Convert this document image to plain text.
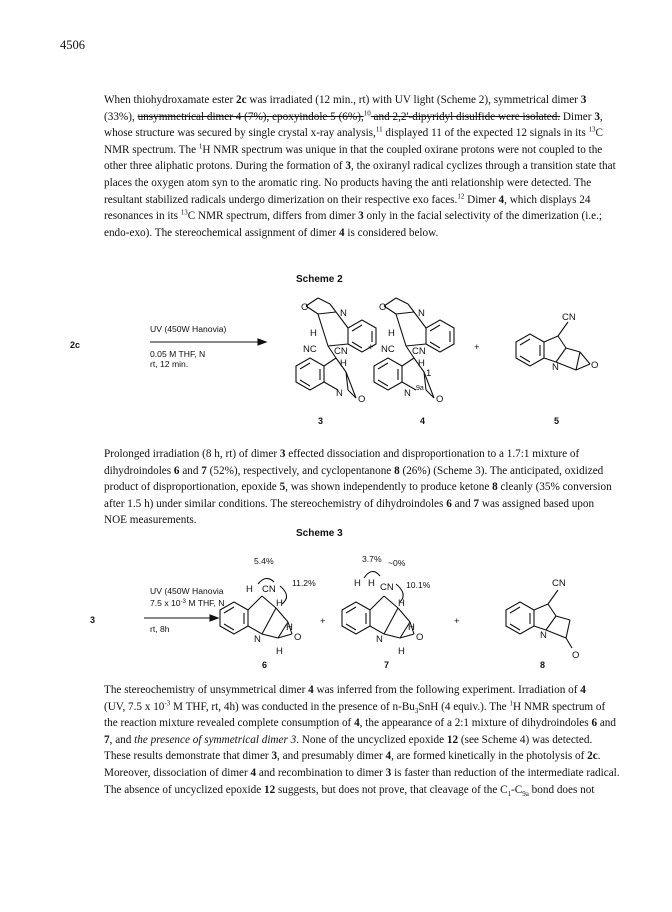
4506
When thiohydroxamate ester 2c was irradiated (12 min., rt) with UV light (Scheme 2), symmetrical dimer 3
(33%), unsymmetrical dimer 4 (7%), epoxyindole 5 (6%),$^{10}$ and 2,2'-dipyridyl disulfide were isolated. Dimer 3,
whose structure was secured by single crystal x-ray analysis,$^{11}$ displayed 11 of the expected 12 signals in its $^{13}$C
NMR spectrum. The $^1$H NMR spectrum was unique in that the coupled oxirane protons were not coupled to the
other three aliphatic protons. During the formation of 3, the oxiranyl radical cyclizes through a transition state that
places the oxygen atom syn to the aromatic ring. No products having the anti relationship were detected. The
resultant stabilized radicals undergo dimerization on their respective exo faces.$^{12}$ Dimer 4, which displays 24
resonances in its $^{13}$C NMR spectrum, differs from dimer 3 only in the facial selectivity of the dimerization (i.e.;
endo-exo). The stereochemical assignment of dimer 4 is considered below.
Scheme 2
2c
UV (450W Hanovia)
0.05 M THF, N
rt, 12 min.
O
N
H
NC CN
H
N
O
O
N
H
NC CN
H
1
N 9a
O
CN
N	O
+	+
3	4	5
Prolonged irradiation (8 h, rt) of dimer 3 effected dissociation and disproportionation to a 1.7:1 mixture of
dihydroindoles 6 and 7 (52%), respectively, and cyclopentanone 8 (26%) (Scheme 3). The anticipated, oxidized
product of disproportionation, epoxide 5, was shown independently to produce ketone 8 cleanly (35% conversion
after 1.5 h) under similar conditions. The stereochemistry of dihydroindoles 6 and 7 was assigned based upon
NOE measurements.
Scheme 3
3
UV (450W Hanovia
7.5 x $10^{-3}$ M THF, N
rt, 8h
5.4%
11.2%
3.7% ~0%
10.1%
H CN
H
H
N	O
H
H H CN
H
H
N	O
H
CN
N
O
+	+
6	7	8
The stereochemistry of unsymmetrical dimer 4 was inferred from the following experiment. Irradiation of 4
(UV, 7.5 x $10^{-3}$ M THF, rt, 4h) was conducted in the presence of $n-Bu_3SnH$ (4 equiv.). The $^1$H NMR spectrum of
the reaction mixture revealed complete consumption of 4, the appearance of a 2:1 mixture of dihydroindoles 6 and
7, and the presence of symmetrical dimer 3. None of the uncyclized epoxide 12 (see Scheme 4) was detected.
These results demonstrate that dimer 3, and presumably dimer 4, are formed kinetically in the photolysis of 2c.
Moreover, dissociation of dimer 4 and recombination to dimer 3 is faster than reduction of the intermediate radical.
The absence of uncyclized epoxide 12 suggests, but does not prove, that cleavage of the $C_1-C_{9a}$ bond does not
